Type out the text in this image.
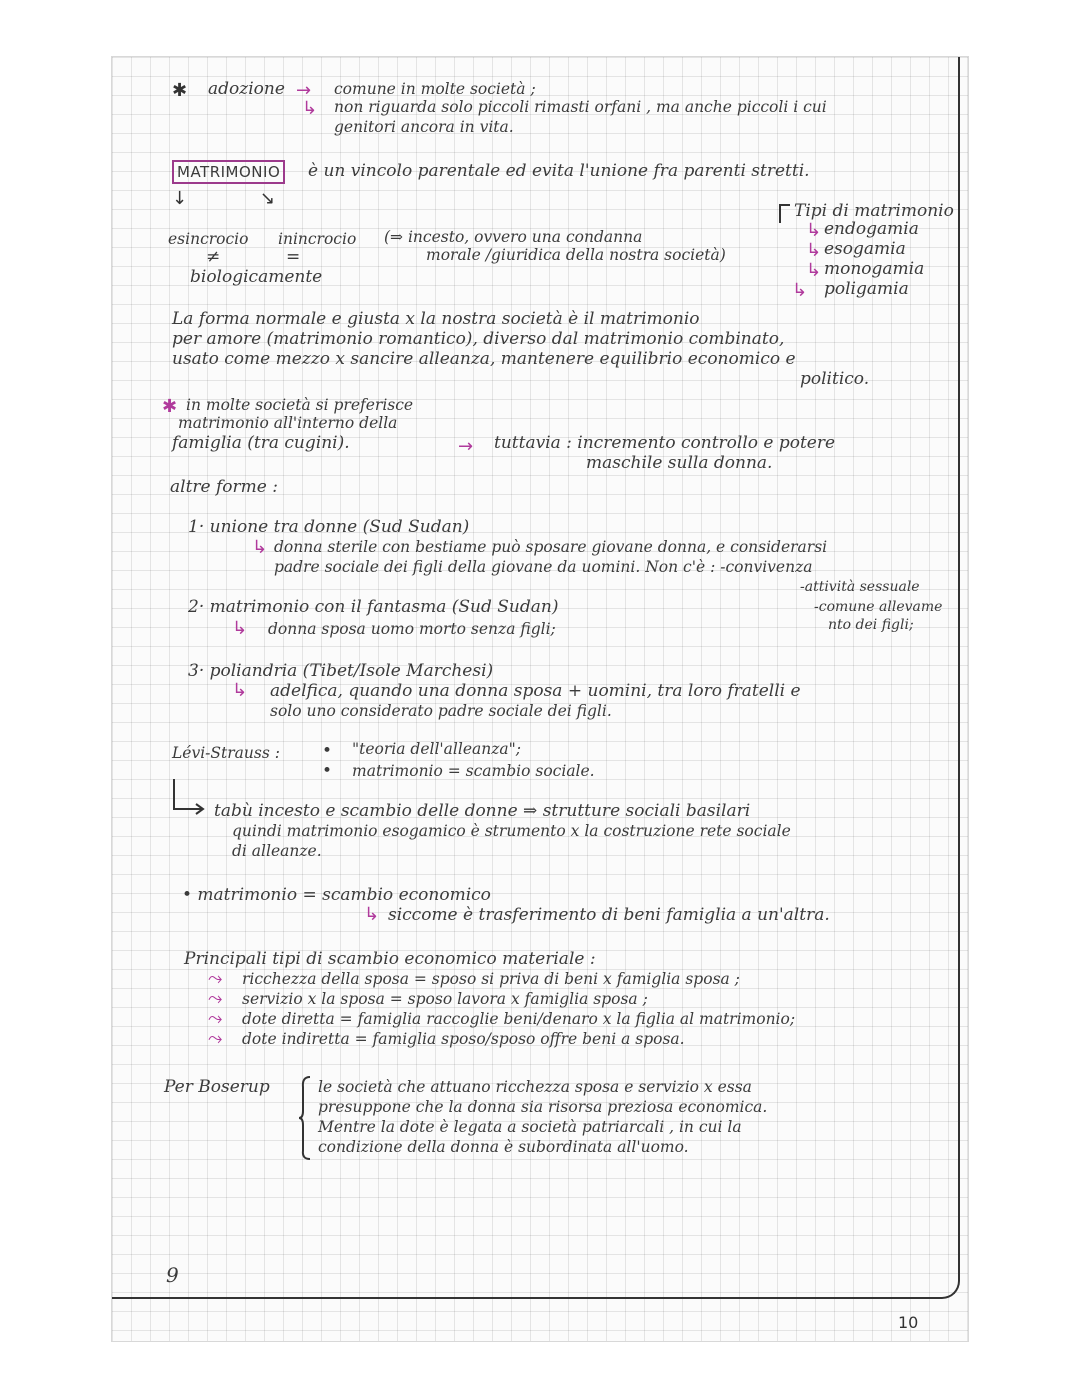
✱ adozione → comune in molte società ;
↳ non riguarda solo piccoli rimasti orfani , ma anche piccoli i cui
genitori ancora in vita.
MATRIMONIO è un vincolo parentale ed evita l'unione fra parenti stretti.
↓	↘
esincrocio inincrocio
≠	=
biologicamente
(⇒ incesto, ovvero una condanna
morale /giuridica della nostra società)
Tipi di matrimonio
↳ endogamia
↳ esogamia
↳ monogamia
↳ poligamia
La forma normale e giusta x la nostra società è il matrimonio
per amore (matrimonio romantico), diverso dal matrimonio combinato,
usato come mezzo x sancire alleanza, mantenere equilibrio economico e
politico.
✱ in molte società si preferisce
matrimonio all'interno della
famiglia (tra cugini).	→ tuttavia : incremento controllo e potere
maschile sulla donna.
altre forme :
1· unione tra donne (Sud Sudan)
↳ donna sterile con bestiame può sposare giovane donna, e considerarsi
padre sociale dei figli della giovane da uomini. Non c'è : -convivenza
-attività sessuale
-comune allevame
nto dei figli;
2· matrimonio con il fantasma (Sud Sudan)
↳ donna sposa uomo morto senza figli;
3· poliandria (Tibet/Isole Marchesi)
↳ adelfica, quando una donna sposa + uomini, tra loro fratelli e
solo uno considerato padre sociale dei figli.
Lévi-Strauss : • "teoria dell'alleanza";
• matrimonio = scambio sociale.
tabù incesto e scambio delle donne ⇒ strutture sociali basilari
quindi matrimonio esogamico è strumento x la costruzione rete sociale
di alleanze.
• matrimonio = scambio economico
↳ siccome è trasferimento di beni famiglia a un'altra.
Principali tipi di scambio economico materiale :
⤳ ricchezza della sposa = sposo si priva di beni x famiglia sposa ;
⤳ servizio x la sposa = sposo lavora x famiglia sposa ;
⤳ dote diretta = famiglia raccoglie beni/denaro x la figlia al matrimonio;
⤳ dote indiretta = famiglia sposo/sposo offre beni a sposa.
Per Boserup	le società che attuano ricchezza sposa e servizio x essa
presuppone che la donna sia risorsa preziosa economica.
Mentre la dote è legata a società patriarcali , in cui la
condizione della donna è subordinata all'uomo.
9
10
